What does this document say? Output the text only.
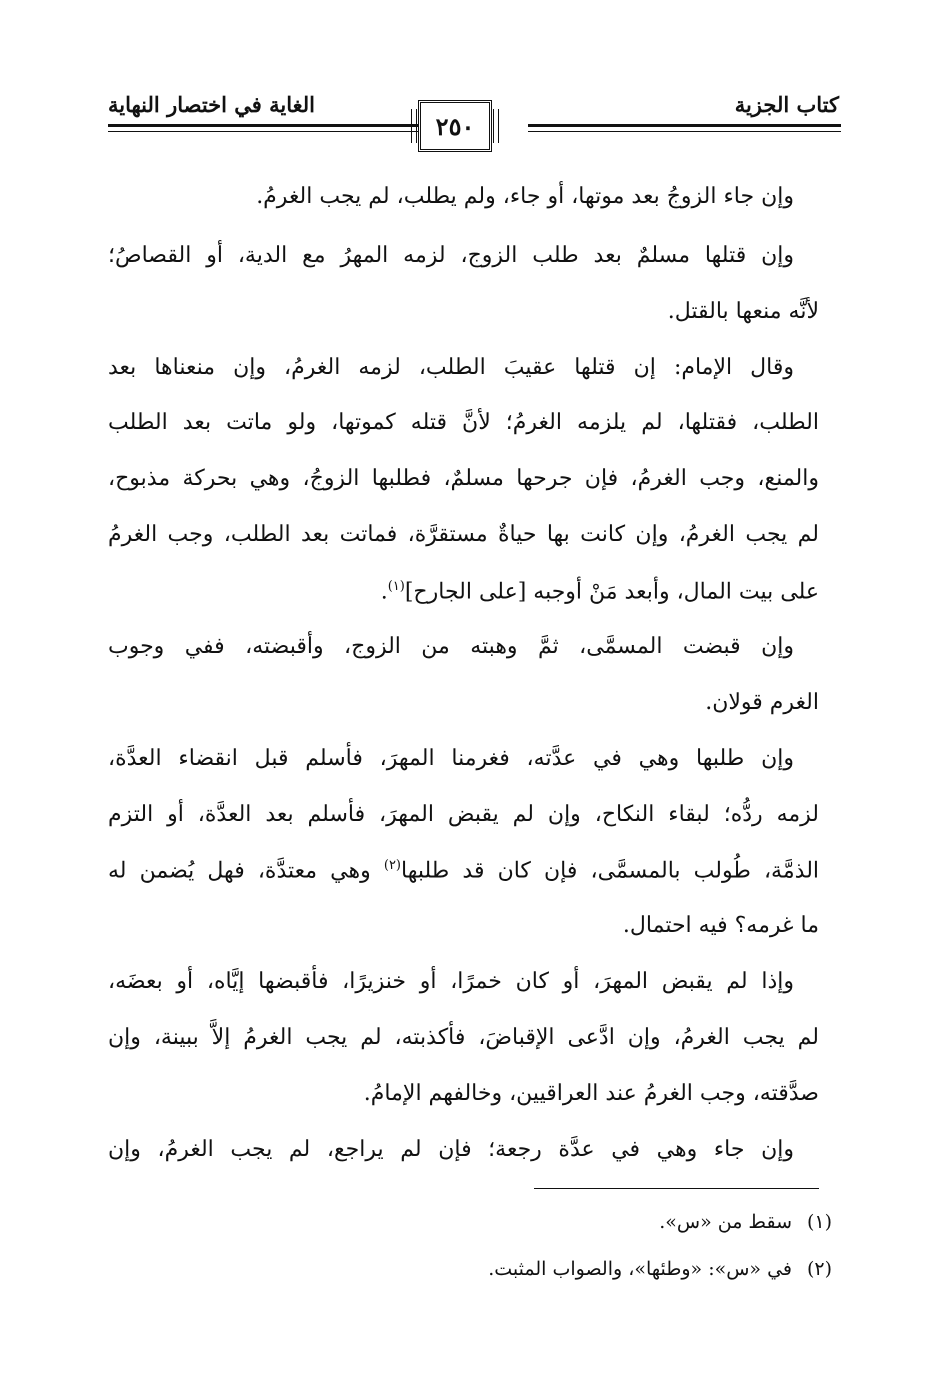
كتاب الجزية
الغاية في اختصار النهاية
٢٥٠
وإن جاء الزوجُ بعد موتها، أو جاء، ولم يطلب، لم يجب الغرمُ.
وإن قتلها مسلمٌ بعد طلب الزوج، لزمه المهرُ مع الدية، أو القصاصُ؛
لأنَّه منعها بالقتل.
وقال الإمام: إن قتلها عقيبَ الطلب، لزمه الغرمُ، وإن منعناها بعد
الطلب، فقتلها، لم يلزمه الغرمُ؛ لأنَّ قتله كموتها، ولو ماتت بعد الطلب
والمنع، وجب الغرمُ، فإن جرحها مسلمٌ، فطلبها الزوجُ، وهي بحركة مذبوح،
لم يجب الغرمُ، وإن كانت بها حياةٌ مستقرَّة، فماتت بعد الطلب، وجب الغرمُ
على بيت المال، وأبعد مَنْ أوجبه [على الجارح]$^{(١)}$.
وإن قبضت المسمَّى، ثمَّ وهبته من الزوج، وأقبضته، ففي وجوب
الغرم قولان.
وإن طلبها وهي في عدَّته، فغرمنا المهرَ، فأسلم قبل انقضاء العدَّة،
لزمه ردُّه؛ لبقاء النكاح، وإن لم يقبض المهرَ، فأسلم بعد العدَّة، أو التزم
الذمَّة، طُولب بالمسمَّى، فإن كان قد طلبها$^{(٢)}$ وهي معتدَّة، فهل يُضمن له
ما غرمه؟ فيه احتمال.
وإذا لم يقبض المهرَ، أو كان خمرًا، أو خنزيرًا، فأقبضها إيَّاه، أو بعضَه،
لم يجب الغرمُ، وإن ادَّعى الإقباضَ، فأكذبته، لم يجب الغرمُ إلاَّ ببينة، وإن
صدَّقته، وجب الغرمُ عند العراقيين، وخالفهم الإمامُ.
وإن جاء وهي في عدَّة رجعة؛ فإن لم يراجع، لم يجب الغرمُ، وإن
(١)سقط من «س».
(٢)في «س»: «وطئها»، والصواب المثبت.
